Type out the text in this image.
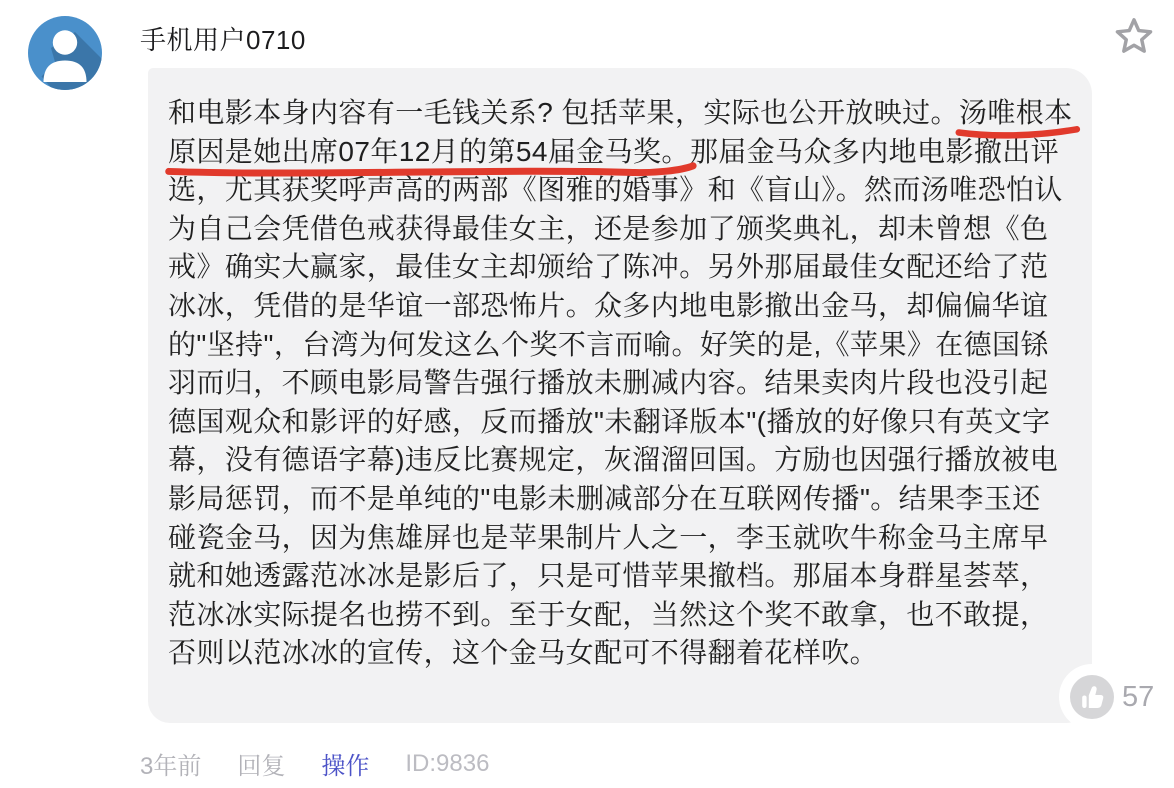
手机用户0710
和电影本身内容有一毛钱关系? 包括苹果，实际也公开放映过。汤唯根本
原因是她出席07年12月的第54届金马奖。
那届金马众多内地电影撤出评
选，尤其获奖呼声高的两部《图雅的婚事》和《盲山》。然而汤唯恐怕认
为自己会凭借色戒获得最佳女主，还是参加了颁奖典礼，却未曾想《色
戒》确实大赢家，最佳女主却颁给了陈冲。另外那届最佳女配还给了范
冰冰，凭借的是华谊一部恐怖片。众多内地电影撤出金马，却偏偏华谊
的"坚持"，台湾为何发这么个奖不言而喻。好笑的是,《苹果》在德国铩
羽而归，不顾电影局警告强行播放未删减内容。结果卖肉片段也没引起
德国观众和影评的好感，反而播放"未翻译版本"(播放的好像只有英文字
幕，没有德语字幕)违反比赛规定，灰溜溜回国。方励也因强行播放被电
影局惩罚，而不是单纯的"电影未删减部分在互联网传播"。结果李玉还
碰瓷金马，因为焦雄屏也是苹果制片人之一，李玉就吹牛称金马主席早
就和她透露范冰冰是影后了，只是可惜苹果撤档。那届本身群星荟萃，
范冰冰实际提名也捞不到。至于女配，当然这个奖不敢拿，也不敢提，
否则以范冰冰的宣传，这个金马女配可不得翻着花样吹。
57
3年前 回复 操作 ID:9836
